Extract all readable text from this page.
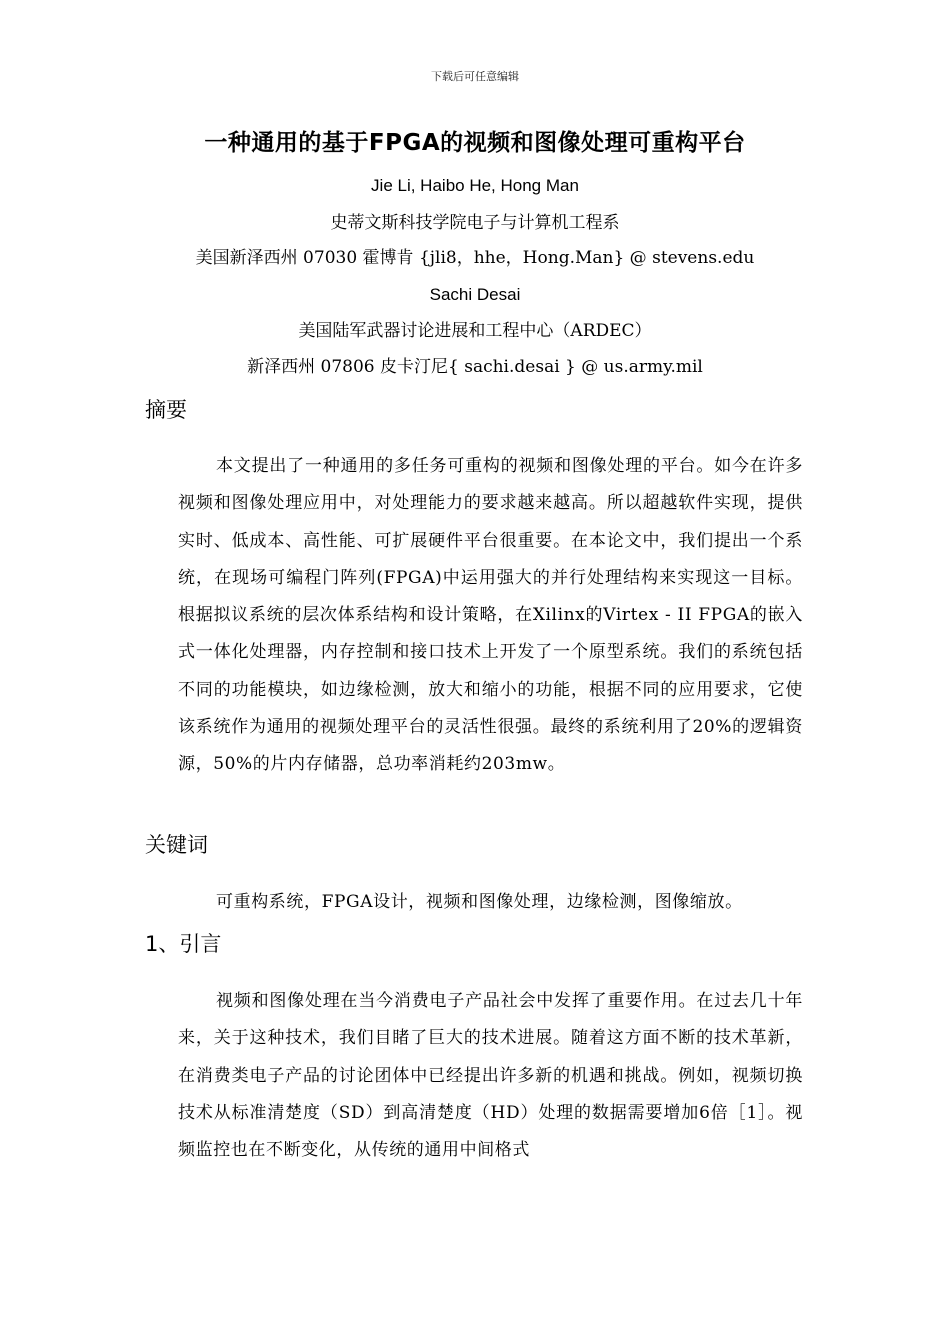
下载后可任意编辑
一种通用的基于FPGA的视频和图像处理可重构平台
Jie Li, Haibo He, Hong Man
史蒂文斯科技学院电子与计算机工程系
美国新泽西州 07030 霍博肯 {jli8，hhe，Hong.Man} @ stevens.edu
Sachi Desai
美国陆军武器讨论进展和工程中心（ARDEC）
新泽西州 07806 皮卡汀尼{ sachi.desai } @ us.army.mil
摘要
本文提出了一种通用的多任务可重构的视频和图像处理的平台。如今在许多视频和图像处理应用中，对处理能力的要求越来越高。所以超越软件实现，提供实时、低成本、高性能、可扩展硬件平台很重要。在本论文中，我们提出一个系统，在现场可编程门阵列(FPGA)中运用强大的并行处理结构来实现这一目标。根据拟议系统的层次体系结构和设计策略，在Xilinx的Virtex - II FPGA的嵌入式一体化处理器，内存控制和接口技术上开发了一个原型系统。我们的系统包括不同的功能模块，如边缘检测，放大和缩小的功能，根据不同的应用要求，它使该系统作为通用的视频处理平台的灵活性很强。最终的系统利用了20%的逻辑资源，50%的片内存储器，总功率消耗约203mw。
关键词
可重构系统，FPGA设计，视频和图像处理，边缘检测，图像缩放。
1、引言
视频和图像处理在当今消费电子产品社会中发挥了重要作用。在过去几十年来，关于这种技术，我们目睹了巨大的技术进展。随着这方面不断的技术革新，在消费类电子产品的讨论团体中已经提出许多新的机遇和挑战。例如，视频切换技术从标准清楚度（SD）到高清楚度（HD）处理的数据需要增加6倍［1］。视频监控也在不断变化，从传统的通用中间格式
